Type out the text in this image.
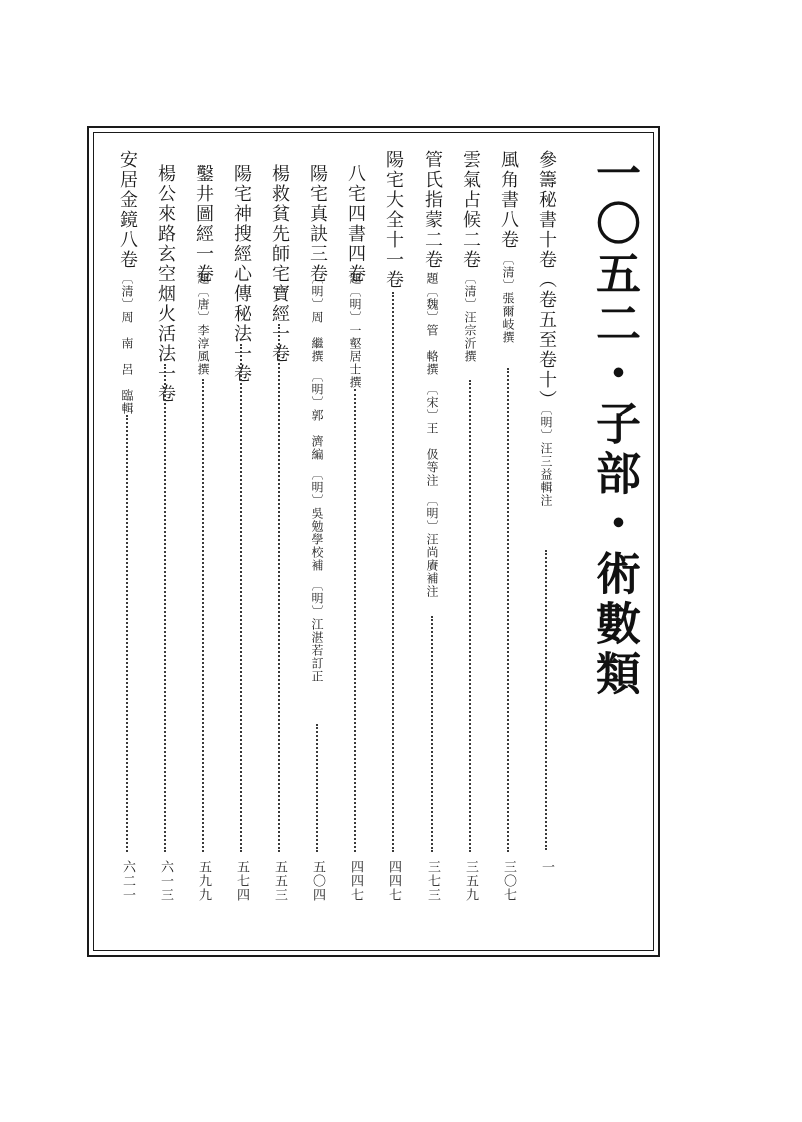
一〇五二・子部・術數類
參籌秘書十卷（卷五至卷十）
〔明〕汪三益輯注
一
風角書八卷
〔清〕張爾岐撰
三〇七
雲氣占候二卷
〔清〕汪宗沂撰
三五九
管氏指蒙二卷
題〔魏〕管　輅撰　〔宋〕王　伋等注　〔明〕汪尚賡補注
三七三
陽宅大全十一卷
四四七
八宅四書四卷
題〔明〕一壑居士撰
四四七
陽宅真訣三卷
〔明〕周　繼撰　〔明〕郭　濟編　〔明〕吳勉學校補　〔明〕江湛若訂正
五〇四
楊救貧先師宅寶經一卷
五五三
陽宅神搜經心傳秘法一卷
五七四
鑿井圖經一卷
題〔唐〕李淳風撰
五九九
楊公來路玄空烟火活法一卷
六一三
安居金鏡八卷
〔清〕周　南　呂　臨輯
六二一
